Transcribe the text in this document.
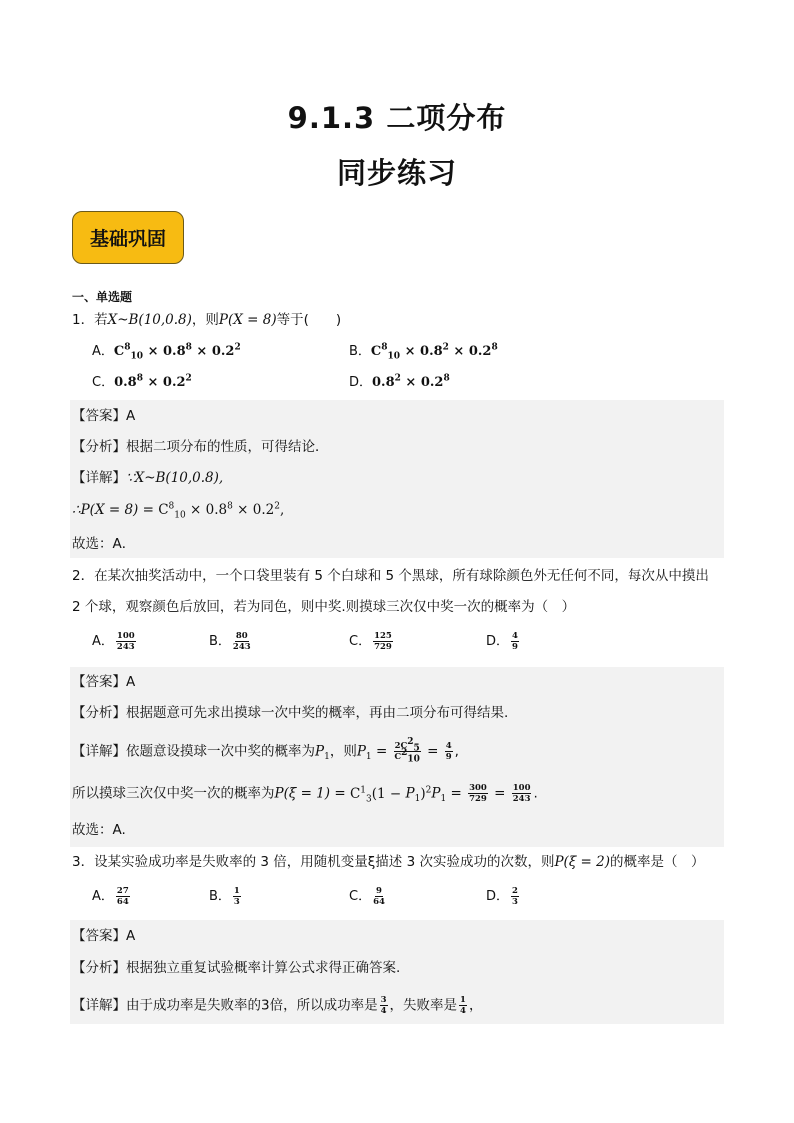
9.1.3 二项分布
同步练习
基础巩固
一、单选题
1．若X~B(10,0.8)，则P(X = 8)等于(　　)
A．$C^8_{10} \times 0.8^8 \times 0.2^2$	B．$C^8_{10} \times 0.8^2 \times 0.2^8$
C．$0.8^8 \times 0.2^2$	D．$0.8^2 \times 0.2^8$
【答案】A
【分析】根据二项分布的性质，可得结论．
【详解】∵X~B(10,0.8),
∴P(X = $8) = C^8_{10} \times 0.8^8 \times 0.2^2$,
故选：A．
2．在某次抽奖活动中，一个口袋里装有 5 个白球和 5 个黑球，所有球除颜色外无任何不同，每次从中摸出
2 个球，观察颜色后放回，若为同色，则中奖.则摸球三次仅中奖一次的概率为（　）
A． $\frac{100}{243}$	B． $\frac{80}{243}$	C． $\frac{125}{729}$	D． $\frac{4}{9}$
【答案】A
【分析】根据题意可先求出摸球一次中奖的概率，再由二项分布可得结果.
【详解】依题意设摸球一次中奖的概率为$P_1$，则$P_1 = \frac{2C^2_5}{C^2_{10}} = \frac{4}{9}$ ,
所以摸球三次仅中奖一次的概率为$P(\xi = 1) = C^1_3(1 - P_1)^2P_1 = \frac{300}{729} = \frac{100}{243}$ .
故选：A.
3．设某实验成功率是失败率的 3 倍，用随机变量ξ描述 3 次实验成功的次数，则P(ξ = 2)的概率是（　）
A． $\frac{27}{64}$	B． $\frac{1}{3}$	C． $\frac{9}{64}$	D． $\frac{2}{3}$
【答案】A
【分析】根据独立重复试验概率计算公式求得正确答案.
【详解】由于成功率是失败率的3倍，所以成功率是 $\frac{3}{4}$ ，失败率是 $\frac{1}{4}$ ，
